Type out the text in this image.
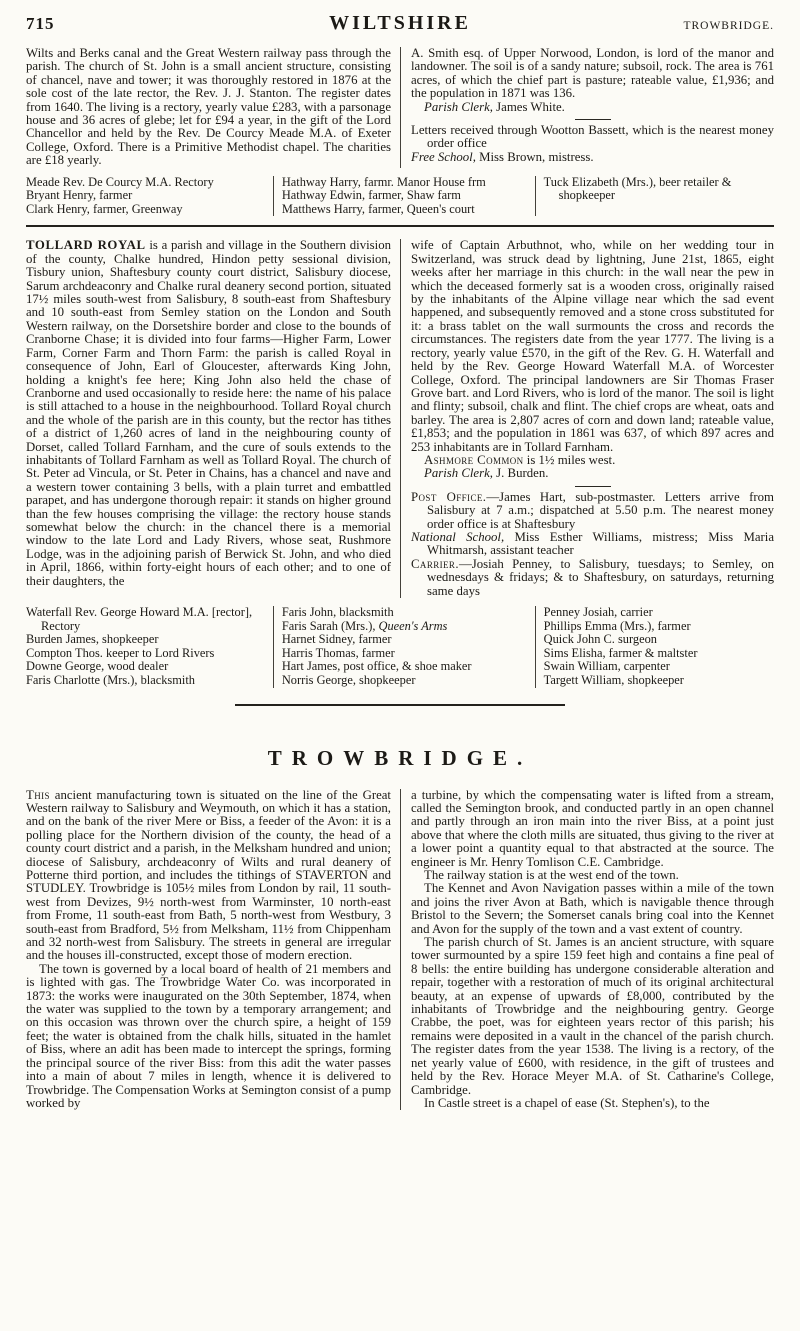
715	WILTSHIRE	TROWBRIDGE.

Wilts and Berks canal and the Great Western railway pass through the parish. The church of St. John is a small ancient structure, consisting of chancel, nave and tower; it was thoroughly restored in 1876 at the sole cost of the late rector, the Rev. J. J. Stanton. The register dates from 1640. The living is a rectory, yearly value £283, with a parsonage house and 36 acres of glebe; let for £94 a year, in the gift of the Lord Chancellor and held by the Rev. De Courcy Meade M.A. of Exeter College, Oxford. There is a Primitive Methodist chapel. The charities are £18 yearly.

A. Smith esq. of Upper Norwood, London, is lord of the manor and landowner. The soil is of a sandy nature; subsoil, rock. The area is 761 acres, of which the chief part is pasture; rateable value, £1,936; and the population in 1871 was 136.

Parish Clerk, James White.

Letters received through Wootton Bassett, which is the nearest money order office

Free School, Miss Brown, mistress.

Meade Rev. De Courcy M.A. Rectory
Bryant Henry, farmer
Clark Henry, farmer, Greenway
Hathway Harry, farmr. Manor House frm
Hathway Edwin, farmer, Shaw farm
Matthews Harry, farmer, Queen's court
Tuck Elizabeth (Mrs.), beer retailer & shopkeeper

TOLLARD ROYAL is a parish and village in the Southern division of the county, Chalke hundred, Hindon petty sessional division, Tisbury union, Shaftesbury county court district, Salisbury diocese, Sarum archdeaconry and Chalke rural deanery second portion, situated 17½ miles south-west from Salisbury, 8 south-east from Shaftesbury and 10 south-east from Semley station on the London and South Western railway, on the Dorsetshire border and close to the bounds of Cranborne Chase; it is divided into four farms—Higher Farm, Lower Farm, Corner Farm and Thorn Farm: the parish is called Royal in consequence of John, Earl of Gloucester, afterwards King John, holding a knight's fee here; King John also held the chase of Cranborne and used occasionally to reside here: the name of his palace is still attached to a house in the neighbourhood. Tollard Royal church and the whole of the parish are in this county, but the rector has tithes of a district of 1,260 acres of land in the neighbouring county of Dorset, called Tollard Farnham, and the cure of souls extends to the inhabitants of Tollard Farnham as well as Tollard Royal. The church of St. Peter ad Vincula, or St. Peter in Chains, has a chancel and nave and a western tower containing 3 bells, with a plain turret and embattled parapet, and has undergone thorough repair: it stands on higher ground than the few houses comprising the village: the rectory house stands somewhat below the church: in the chancel there is a memorial window to the late Lord and Lady Rivers, whose seat, Rushmore Lodge, was in the adjoining parish of Berwick St. John, and who died in April, 1866, within forty-eight hours of each other; and to one of their daughters, the

wife of Captain Arbuthnot, who, while on her wedding tour in Switzerland, was struck dead by lightning, June 21st, 1865, eight weeks after her marriage in this church: in the wall near the pew in which the deceased formerly sat is a wooden cross, originally raised by the inhabitants of the Alpine village near which the sad event happened, and subsequently removed and a stone cross substituted for it: a brass tablet on the wall surmounts the cross and records the circumstances. The registers date from the year 1777. The living is a rectory, yearly value £570, in the gift of the Rev. G. H. Waterfall and held by the Rev. George Howard Waterfall M.A. of Worcester College, Oxford. The principal landowners are Sir Thomas Fraser Grove bart. and Lord Rivers, who is lord of the manor. The soil is light and flinty; subsoil, chalk and flint. The chief crops are wheat, oats and barley. The area is 2,807 acres of corn and down land; rateable value, £1,853; and the population in 1861 was 637, of which 897 acres and 253 inhabitants are in Tollard Farnham.

Ashmore Common is 1½ miles west.

Parish Clerk, J. Burden.

Post Office.—James Hart, sub-postmaster. Letters arrive from Salisbury at 7 a.m.; dispatched at 5.50 p.m. The nearest money order office is at Shaftesbury

National School, Miss Esther Williams, mistress; Miss Maria Whitmarsh, assistant teacher

Carrier.—Josiah Penney, to Salisbury, tuesdays; to Semley, on wednesdays & fridays; & to Shaftesbury, on saturdays, returning same days

Waterfall Rev. George Howard M.A. [rector], Rectory
Burden James, shopkeeper
Compton Thos. keeper to Lord Rivers
Downe George, wood dealer
Faris Charlotte (Mrs.), blacksmith
Faris John, blacksmith
Faris Sarah (Mrs.), Queen's Arms
Harnet Sidney, farmer
Harris Thomas, farmer
Hart James, post office, & shoe maker
Norris George, shopkeeper
Penney Josiah, carrier
Phillips Emma (Mrs.), farmer
Quick John C. surgeon
Sims Elisha, farmer & maltster
Swain William, carpenter
Targett William, shopkeeper
TROWBRIDGE.

This ancient manufacturing town is situated on the line of the Great Western railway to Salisbury and Weymouth, on which it has a station, and on the bank of the river Mere or Biss, a feeder of the Avon: it is a polling place for the Northern division of the county, the head of a county court district and a parish, in the Melksham hundred and union; diocese of Salisbury, archdeaconry of Wilts and rural deanery of Potterne third portion, and includes the tithings of STAVERTON and STUDLEY. Trowbridge is 105½ miles from London by rail, 11 south-west from Devizes, 9½ north-west from Warminster, 10 north-east from Frome, 11 south-east from Bath, 5 north-west from Westbury, 3 south-east from Bradford, 5½ from Melksham, 11½ from Chippenham and 32 north-west from Salisbury. The streets in general are irregular and the houses ill-constructed, except those of modern erection.

The town is governed by a local board of health of 21 members and is lighted with gas. The Trowbridge Water Co. was incorporated in 1873: the works were inaugurated on the 30th September, 1874, when the water was supplied to the town by a temporary arrangement; and on this occasion was thrown over the church spire, a height of 159 feet; the water is obtained from the chalk hills, situated in the hamlet of Biss, where an adit has been made to intercept the springs, forming the principal source of the river Biss: from this adit the water passes into a main of about 7 miles in length, whence it is delivered to Trowbridge. The Compensation Works at Semington consist of a pump worked by

a turbine, by which the compensating water is lifted from a stream, called the Semington brook, and conducted partly in an open channel and partly through an iron main into the river Biss, at a point just above that where the cloth mills are situated, thus giving to the river at a lower point a quantity equal to that abstracted at the source. The engineer is Mr. Henry Tomlison C.E. Cambridge.

The railway station is at the west end of the town.

The Kennet and Avon Navigation passes within a mile of the town and joins the river Avon at Bath, which is navigable thence through Bristol to the Severn; the Somerset canals bring coal into the Kennet and Avon for the supply of the town and a vast extent of country.

The parish church of St. James is an ancient structure, with square tower surmounted by a spire 159 feet high and contains a fine peal of 8 bells: the entire building has undergone considerable alteration and repair, together with a restoration of much of its original architectural beauty, at an expense of upwards of £8,000, contributed by the inhabitants of Trowbridge and the neighbouring gentry. George Crabbe, the poet, was for eighteen years rector of this parish; his remains were deposited in a vault in the chancel of the parish church. The register dates from the year 1538. The living is a rectory, of the net yearly value of £600, with residence, in the gift of trustees and held by the Rev. Horace Meyer M.A. of St. Catharine's College, Cambridge.

In Castle street is a chapel of ease (St. Stephen's), to the
